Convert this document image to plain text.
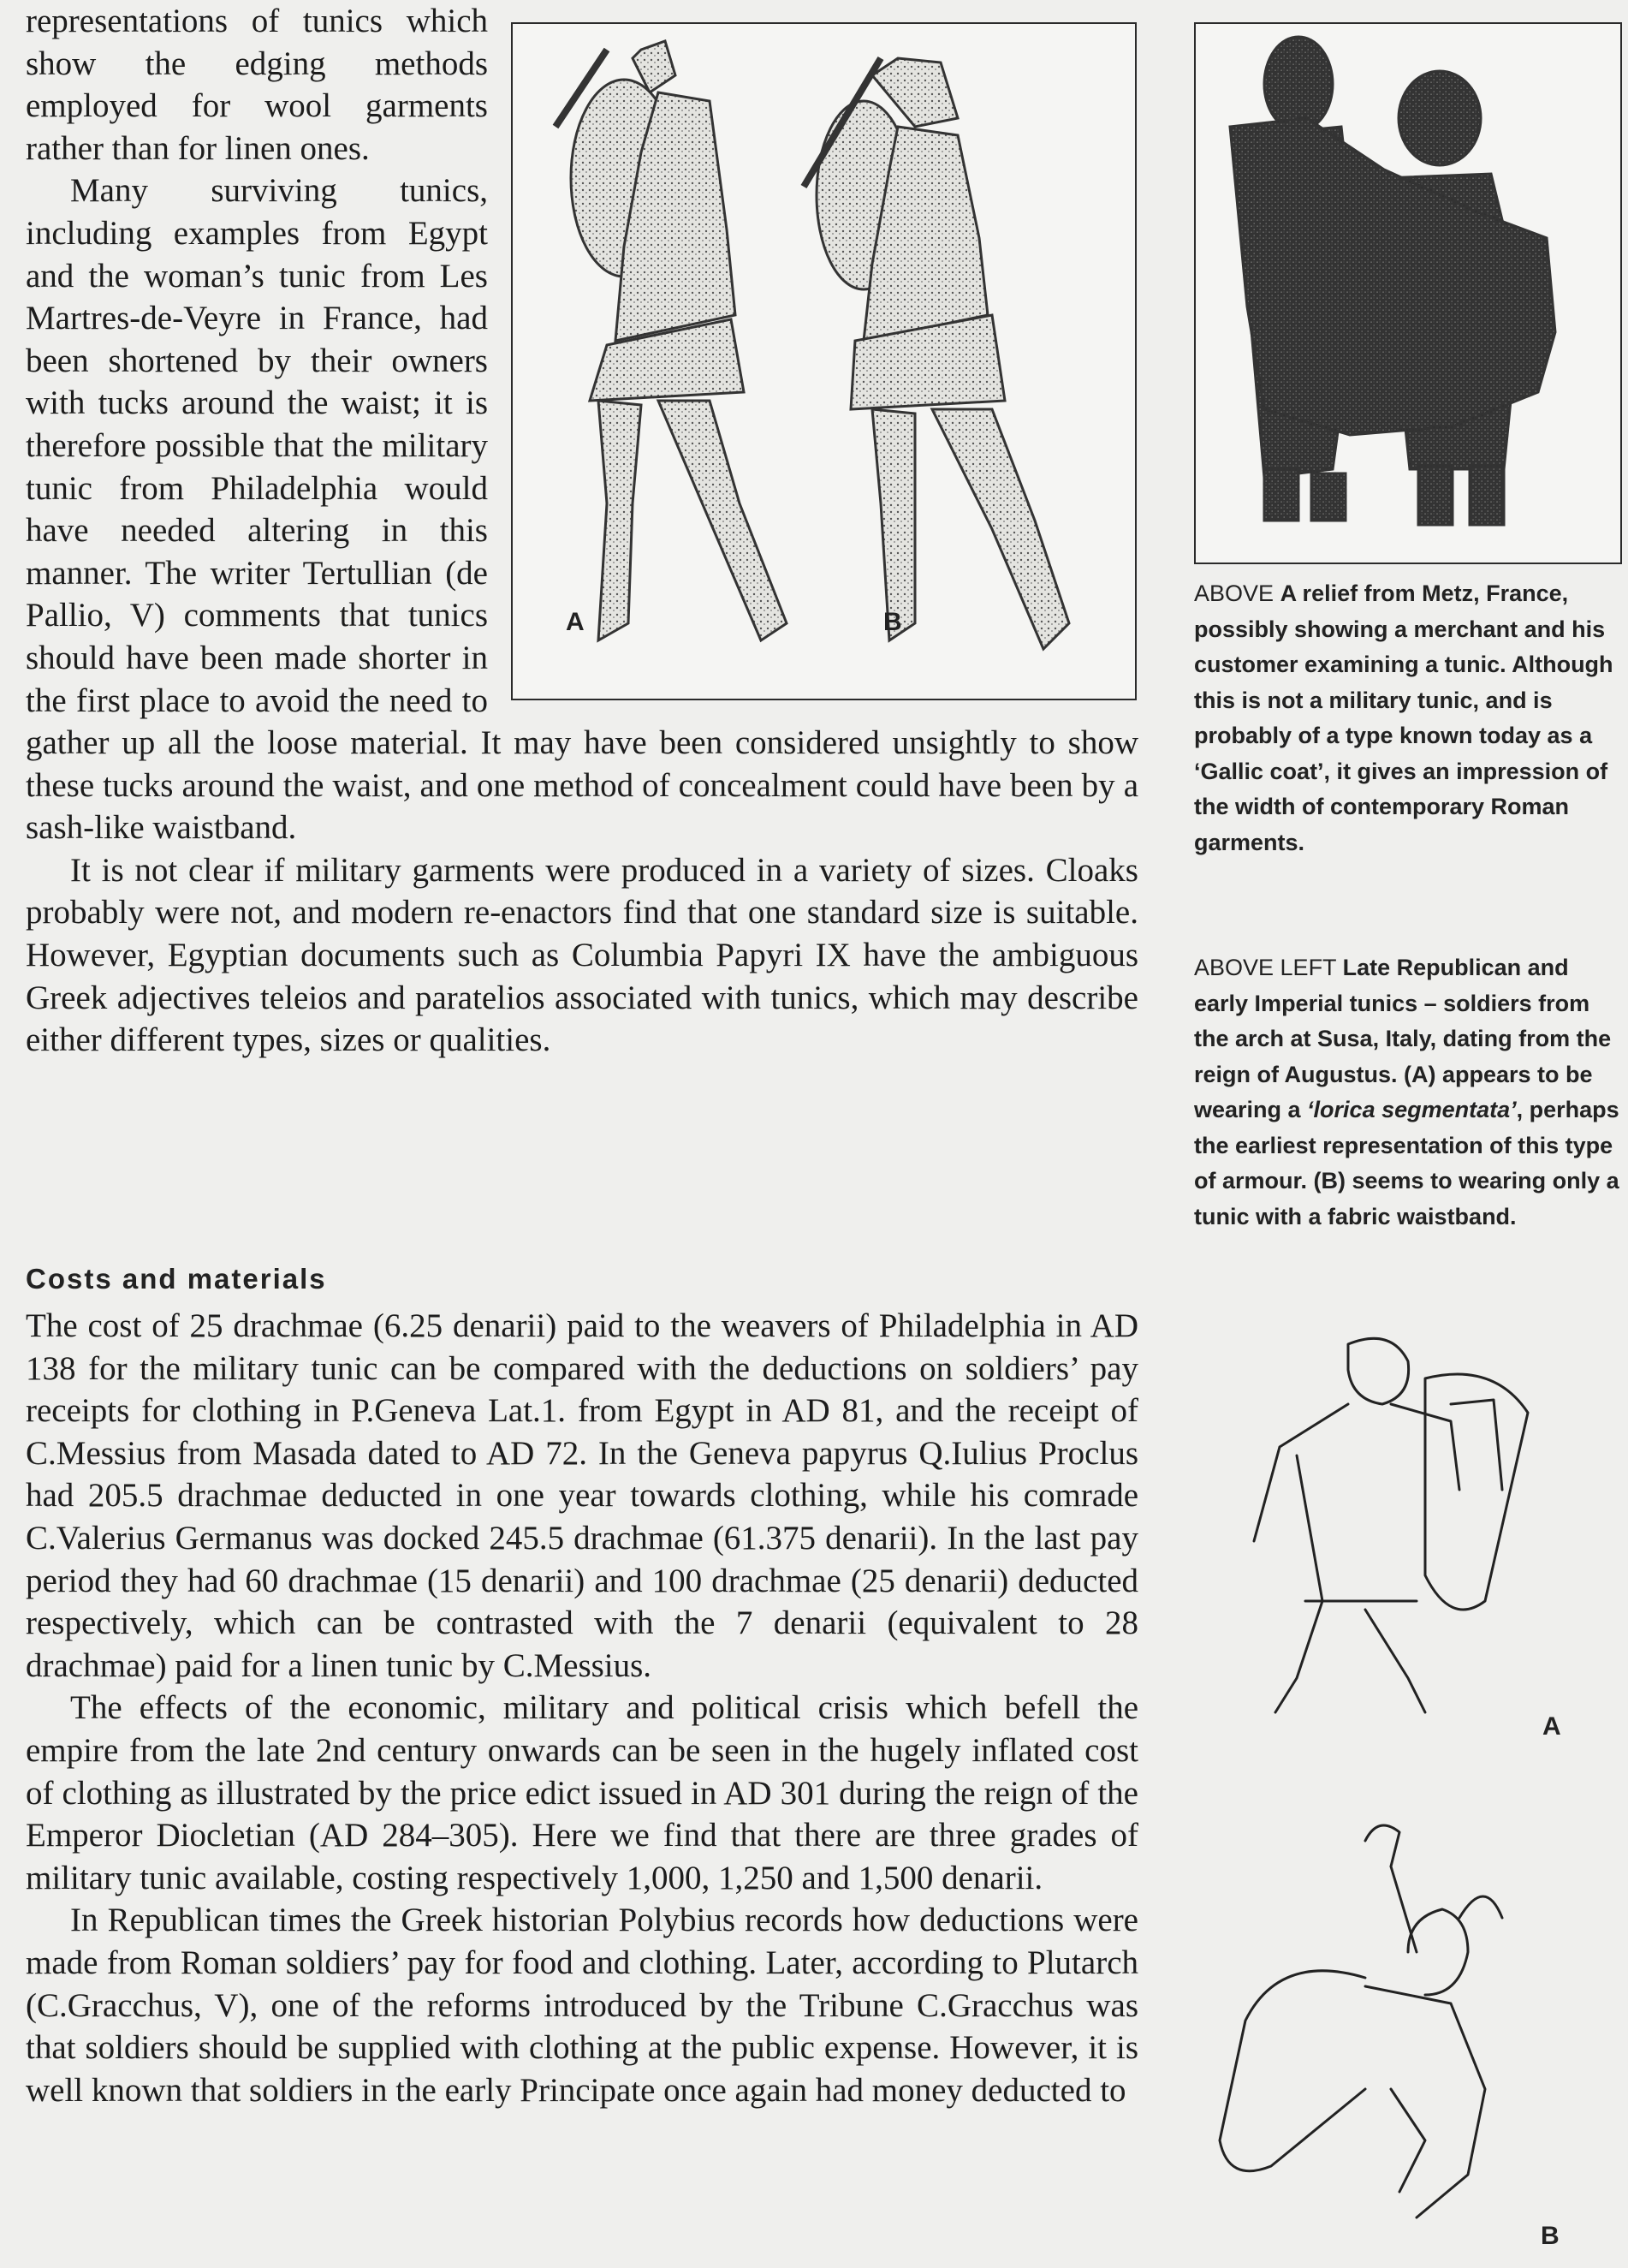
representations of tunics which show the edging methods employed for wool garments rather than for linen ones.

Many surviving tunics, including examples from Egypt and the woman’s tunic from Les Martres-de-Veyre in France, had been shortened by their owners with tucks around the waist; it is therefore possible that the military tunic from Philadelphia would have needed altering in this manner. The writer Tertullian (de Pallio, V) comments that tunics should have been made shorter in the first place to avoid the need to gather up all the loose material. It may have been considered unsightly to show these tucks around the waist, and one method of concealment could have been by a sash-like waistband.

It is not clear if military garments were produced in a variety of sizes. Cloaks probably were not, and modern re-enactors find that one standard size is suitable. However, Egyptian documents such as Columbia Papyri IX have the ambiguous Greek adjectives teleios and paratelios associated with tunics, which may describe either different types, sizes or qualities.

Costs and materials

The cost of 25 drachmae (6.25 denarii) paid to the weavers of Philadelphia in AD 138 for the military tunic can be compared with the deductions on soldiers’ pay receipts for clothing in P.Geneva Lat.1. from Egypt in AD 81, and the receipt of C.Messius from Masada dated to AD 72. In the Geneva papyrus Q.Iulius Proclus had 205.5 drachmae deducted in one year towards clothing, while his comrade C.Valerius Germanus was docked 245.5 drachmae (61.375 denarii). In the last pay period they had 60 drachmae (15 denarii) and 100 drachmae (25 denarii) deducted respectively, which can be contrasted with the 7 denarii (equivalent to 28 drachmae) paid for a linen tunic by C.Messius.

The effects of the economic, military and political crisis which befell the empire from the late 2nd century onwards can be seen in the hugely inflated cost of clothing as illustrated by the price edict issued in AD 301 during the reign of the Emperor Diocletian (AD 284–305). Here we find that there are three grades of military tunic available, costing respectively 1,000, 1,250 and 1,500 denarii.

In Republican times the Greek historian Polybius records how deductions were made from Roman soldiers’ pay for food and clothing. Later, according to Plutarch (C.Gracchus, V), one of the reforms introduced by the Tribune C.Gracchus was that soldiers should be supplied with clothing at the public expense. However, it is well known that soldiers in the early Principate once again had money deducted to

A	B

ABOVE A relief from Metz, France, possibly showing a merchant and his customer examining a tunic. Although this is not a military tunic, and is probably of a type known today as a ‘Gallic coat’, it gives an impression of the width of contemporary Roman garments.

ABOVE LEFT Late Republican and early Imperial tunics – soldiers from the arch at Susa, Italy, dating from the reign of Augustus. (A) appears to be wearing a ‘lorica segmentata’, perhaps the earliest representation of this type of armour. (B) seems to wearing only a tunic with a fabric waistband.

A
B
